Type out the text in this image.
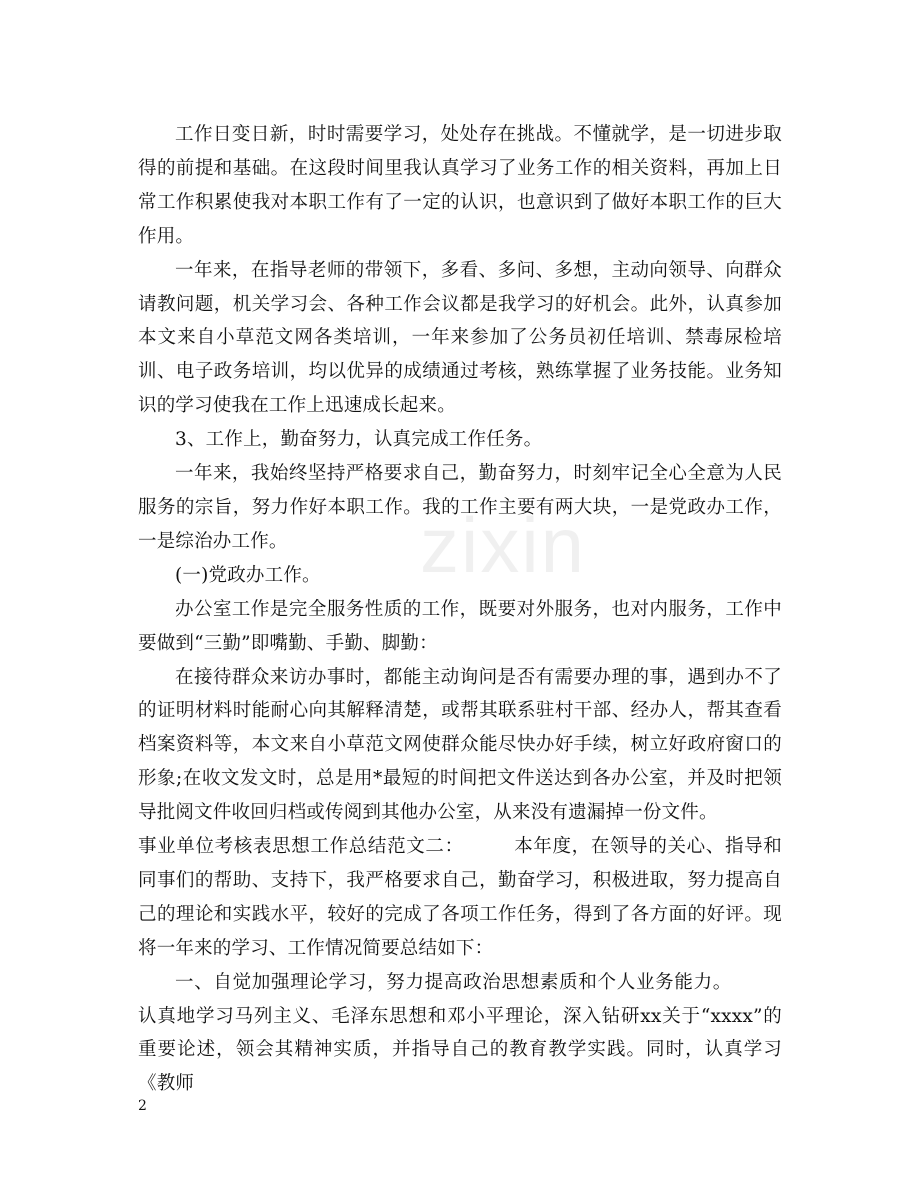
zixin

工作日变日新，时时需要学习，处处存在挑战。不懂就学，是一切进步取得的前提和基础。在这段时间里我认真学习了业务工作的相关资料，再加上日常工作积累使我对本职工作有了一定的认识，也意识到了做好本职工作的巨大作用。

一年来，在指导老师的带领下，多看、多问、多想，主动向领导、向群众请教问题，机关学习会、各种工作会议都是我学习的好机会。此外，认真参加本文来自小草范文网各类培训，一年来参加了公务员初任培训、禁毒尿检培训、电子政务培训，均以优异的成绩通过考核，熟练掌握了业务技能。业务知识的学习使我在工作上迅速成长起来。

3、工作上，勤奋努力，认真完成工作任务。

一年来，我始终坚持严格要求自己，勤奋努力，时刻牢记全心全意为人民服务的宗旨，努力作好本职工作。我的工作主要有两大块，一是党政办工作，一是综治办工作。

(一)党政办工作。

办公室工作是完全服务性质的工作，既要对外服务，也对内服务，工作中要做到“三勤”即嘴勤、手勤、脚勤：

在接待群众来访办事时，都能主动询问是否有需要办理的事，遇到办不了的证明材料时能耐心向其解释清楚，或帮其联系驻村干部、经办人，帮其查看档案资料等，本文来自小草范文网使群众能尽快办好手续，树立好政府窗口的形象;在收文发文时，总是用*最短的时间把文件送达到各办公室，并及时把领导批阅文件收回归档或传阅到其他办公室，从来没有遗漏掉一份文件。

事业单位考核表思想工作总结范文二：	本年度，在领导的关心、指导和同事们的帮助、支持下，我严格要求自己，勤奋学习，积极进取，努力提高自己的理论和实践水平，较好的完成了各项工作任务，得到了各方面的好评。现将一年来的学习、工作情况简要总结如下：

一、自觉加强理论学习，努力提高政治思想素质和个人业务能力。认真地学习马列主义、毛泽东思想和邓小平理论，深入钻研xx关于“xxxx”的重要论述，领会其精神实质，并指导自己的教育教学实践。同时，认真学习《教师

2
